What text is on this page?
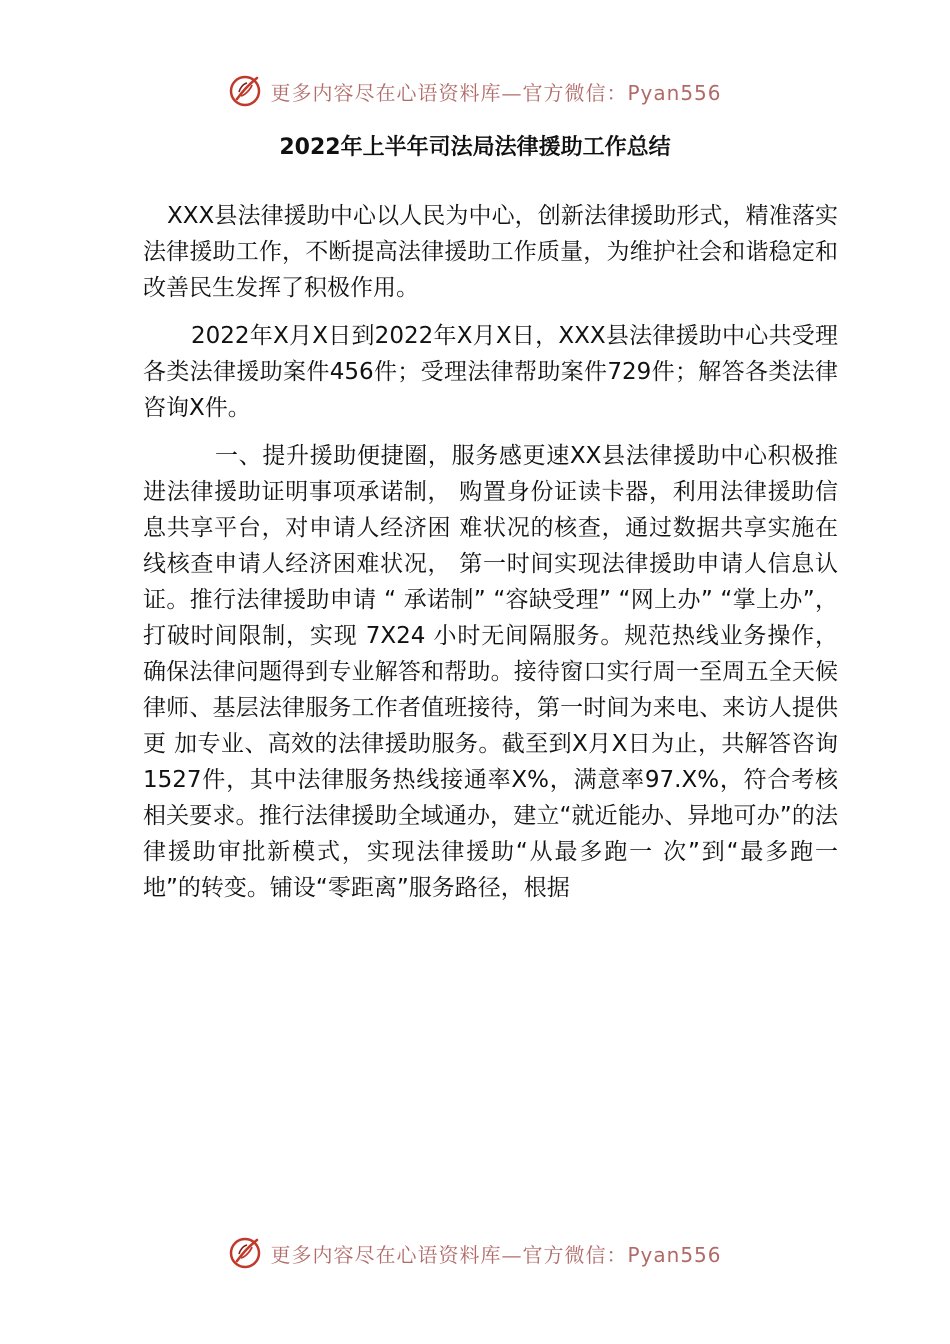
更多内容尽在心语资料库—官方微信：Pyan556
2022年上半年司法局法律援助工作总结

XXX县法律援助中心以人民为中心，创新法律援助形式，精准落实法律援助工作，不断提高法律援助工作质量，为维护社会和谐稳定和改善民生发挥了积极作用。

2022年X月X日到2022年X月X日，XXX县法律援助中心共受理各类法律援助案件456件；受理法律帮助案件729件；解答各类法律咨询X件。

一、提升援助便捷圈，服务感更速XX县法律援助中心积极推进法律援助证明事项承诺制， 购置身份证读卡器，利用法律援助信息共享平台，对申请人经济困 难状况的核查，通过数据共享实施在线核查申请人经济困难状况， 第一时间实现法律援助申请人信息认证。推行法律援助申请 “ 承诺制” “容缺受理” “网上办” “掌上办”，打破时间限制，实现 7X24 小时无间隔服务。规范热线业务操作，确保法律问题得到专业解答和帮助。接待窗口实行周一至周五全天候律师、基层法律服务工作者值班接待，第一时间为来电、来访人提供更 加专业、高效的法律援助服务。截至到X月X日为止，共解答咨询1527件，其中法律服务热线接通率X%，满意率97.X%，符合考核相关要求。推行法律援助全域通办，建立“就近能办、异地可办”的法律援助审批新模式，实现法律援助“从最多跑一 次”到“最多跑一地”的转变。铺设“零距离”服务路径，根据

更多内容尽在心语资料库—官方微信：Pyan556
